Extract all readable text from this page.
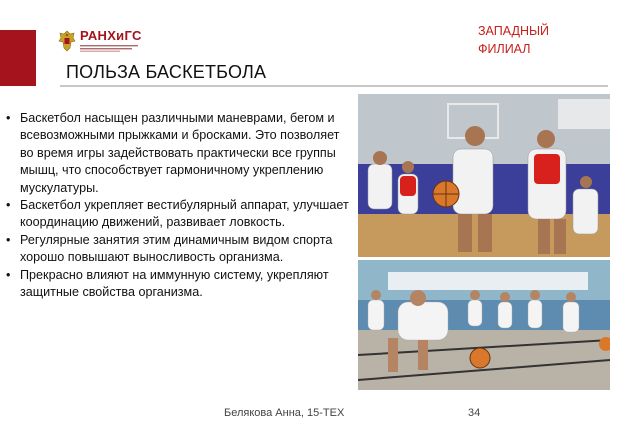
РАНХиГС	ЗАПАДНЫЙ
ФИЛИАЛ
ПОЛЬЗА БАСКЕТБОЛА
• Баскетбол насыщен различными маневрами, бегом и всевозможными прыжками и бросками. Это позволяет во время игры задействовать практически все группы мышц, что способствует гармоничному укреплению мускулатуры.
• Баскетбол укрепляет вестибулярный аппарат, улучшает координацию движений, развивает ловкость.
• Регулярные занятия этим динамичным видом спорта хорошо повышают выносливость организма.
• Прекрасно влияют на иммунную систему, укрепляют защитные свойства организма.
Белякова Анна, 15-ТЕХ	34
